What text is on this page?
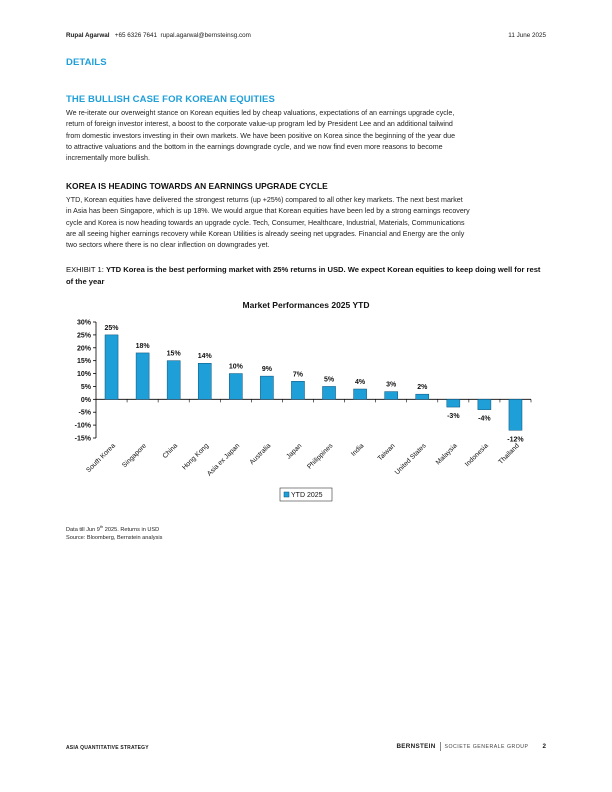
Rupal Agarwal +65 6326 7641 rupal.agarwal@bernsteinsg.com	11 June 2025
DETAILS
THE BULLISH CASE FOR KOREAN EQUITIES
We re-iterate our overweight stance on Korean equities led by cheap valuations, expectations of an earnings upgrade cycle,
return of foreign investor interest, a boost to the corporate value-up program led by President Lee and an additional tailwind
from domestic investors investing in their own markets. We have been positive on Korea since the beginning of the year due
to attractive valuations and the bottom in the earnings downgrade cycle, and we now find even more reasons to become
incrementally more bullish.
KOREA IS HEADING TOWARDS AN EARNINGS UPGRADE CYCLE
YTD, Korean equities have delivered the strongest returns (up +25%) compared to all other key markets. The next best market
in Asia has been Singapore, which is up 18%. We would argue that Korean equities have been led by a strong earnings recovery
cycle and Korea is now heading towards an upgrade cycle. Tech, Consumer, Healthcare, Industrial, Materials, Communications
are all seeing higher earnings recovery while Korean Utilities is already seeing net upgrades. Financial and Energy are the only
two sectors where there is no clear inflection on downgrades yet.
EXHIBIT 1: YTD Korea is the best performing market with 25% returns in USD. We expect Korean equities to keep doing well for rest of the year
Market Performances 2025 YTD
30%
25%
20%
15%
10%
5%
0%
-5%
-10%
-15%
South Korea Singapore China Hong Kong
Asia ex Japan Australia Japan Philippines India Taiwan
United States Malaysia Indonesia Thailand
25%
18%
15% 14%
10%	9%
7%
5%	4%	3%	2%
-3%	-4%
-12%
YTD 2025
Data till Jun 9th 2025. Returns in USD
Source: Bloomberg, Bernstein analysis
ASIA QUANTITATIVE STRATEGY	BERNSTEIN SOCIETE GENERALE GROUP 2
